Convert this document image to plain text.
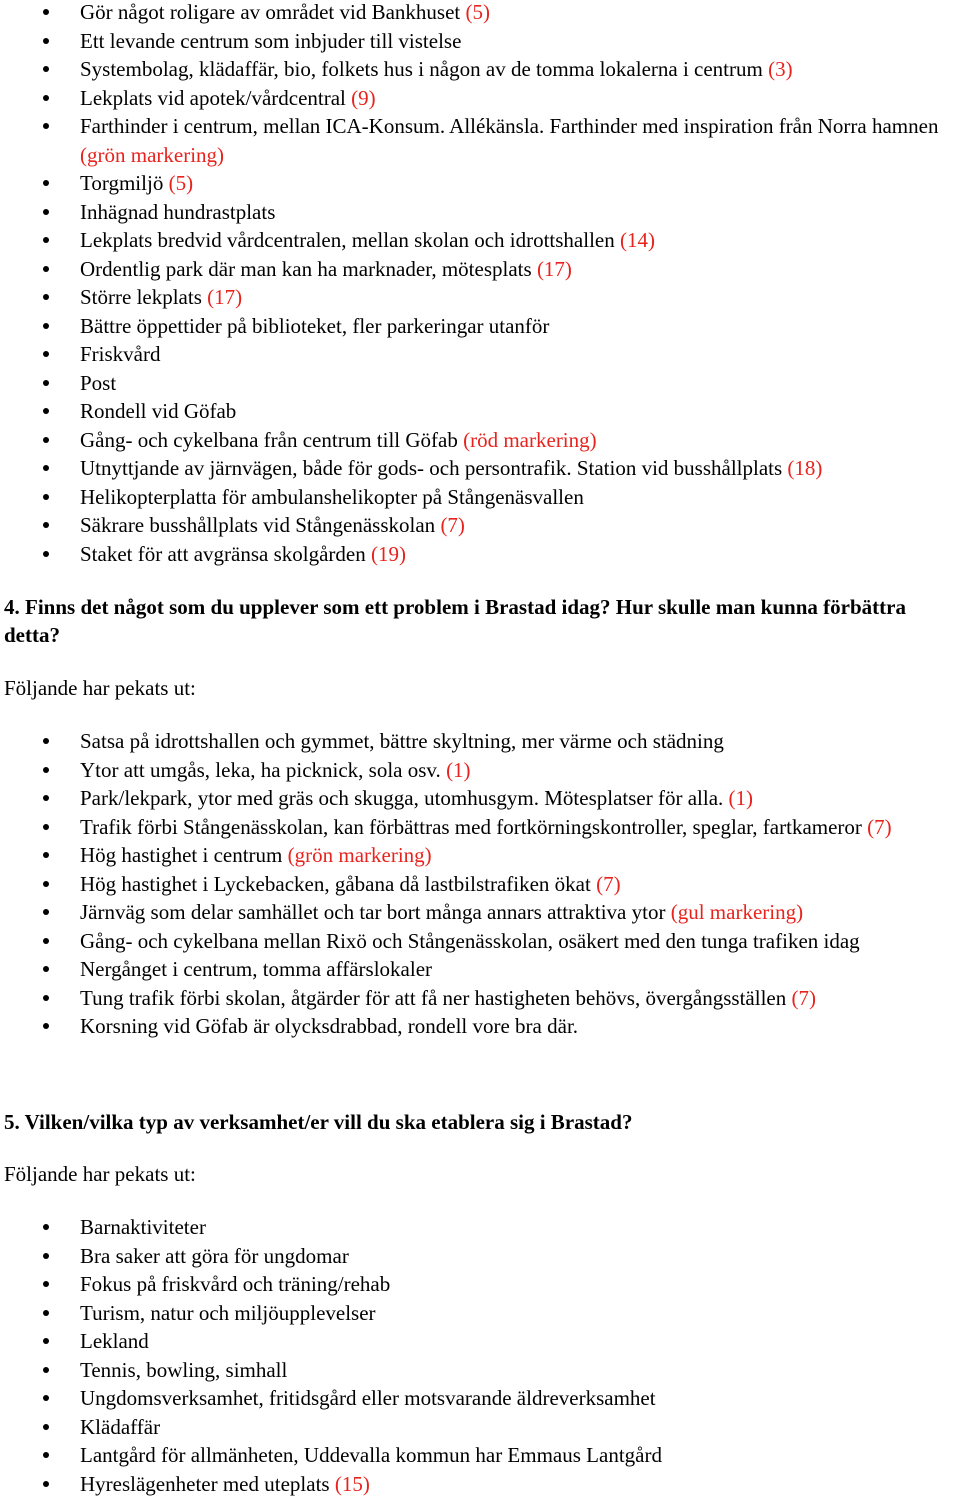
Gör något roligare av området vid Bankhuset (5)
Ett levande centrum som inbjuder till vistelse
Systembolag, klädaffär, bio, folkets hus i någon av de tomma lokalerna i centrum (3)
Lekplats vid apotek/vårdcentral (9)
Farthinder i centrum, mellan ICA-Konsum. Allékänsla. Farthinder med inspiration från Norra hamnen (grön markering)
Torgmiljö (5)
Inhägnad hundrastplats
Lekplats bredvid vårdcentralen, mellan skolan och idrottshallen (14)
Ordentlig park där man kan ha marknader, mötesplats (17)
Större lekplats (17)
Bättre öppettider på biblioteket, fler parkeringar utanför
Friskvård
Post
Rondell vid Göfab
Gång- och cykelbana från centrum till Göfab (röd markering)
Utnyttjande av järnvägen, både för gods- och persontrafik. Station vid busshållplats (18)
Helikopterplatta för ambulanshelikopter på Stångenäsvallen
Säkrare busshållplats vid Stångenässkolan (7)
Staket för att avgränsa skolgården (19)
4. Finns det något som du upplever som ett problem i Brastad idag? Hur skulle man kunna förbättra detta?

Följande har pekats ut:

Satsa på idrottshallen och gymmet, bättre skyltning, mer värme och städning
Ytor att umgås, leka, ha picknick, sola osv. (1)
Park/lekpark, ytor med gräs och skugga, utomhusgym. Mötesplatser för alla. (1)
Trafik förbi Stångenässkolan, kan förbättras med fortkörningskontroller, speglar, fartkameror (7)
Hög hastighet i centrum (grön markering)
Hög hastighet i Lyckebacken, gåbana då lastbilstrafiken ökat (7)
Järnväg som delar samhället och tar bort många annars attraktiva ytor (gul markering)
Gång- och cykelbana mellan Rixö och Stångenässkolan, osäkert med den tunga trafiken idag
Nergånget i centrum, tomma affärslokaler
Tung trafik förbi skolan, åtgärder för att få ner hastigheten behövs, övergångsställen (7)
Korsning vid Göfab är olycksdrabbad, rondell vore bra där.
5. Vilken/vilka typ av verksamhet/er vill du ska etablera sig i Brastad?

Följande har pekats ut:

Barnaktiviteter
Bra saker att göra för ungdomar
Fokus på friskvård och träning/rehab
Turism, natur och miljöupplevelser
Lekland
Tennis, bowling, simhall
Ungdomsverksamhet, fritidsgård eller motsvarande äldreverksamhet
Klädaffär
Lantgård för allmänheten, Uddevalla kommun har Emmaus Lantgård
Hyreslägenheter med uteplats (15)
